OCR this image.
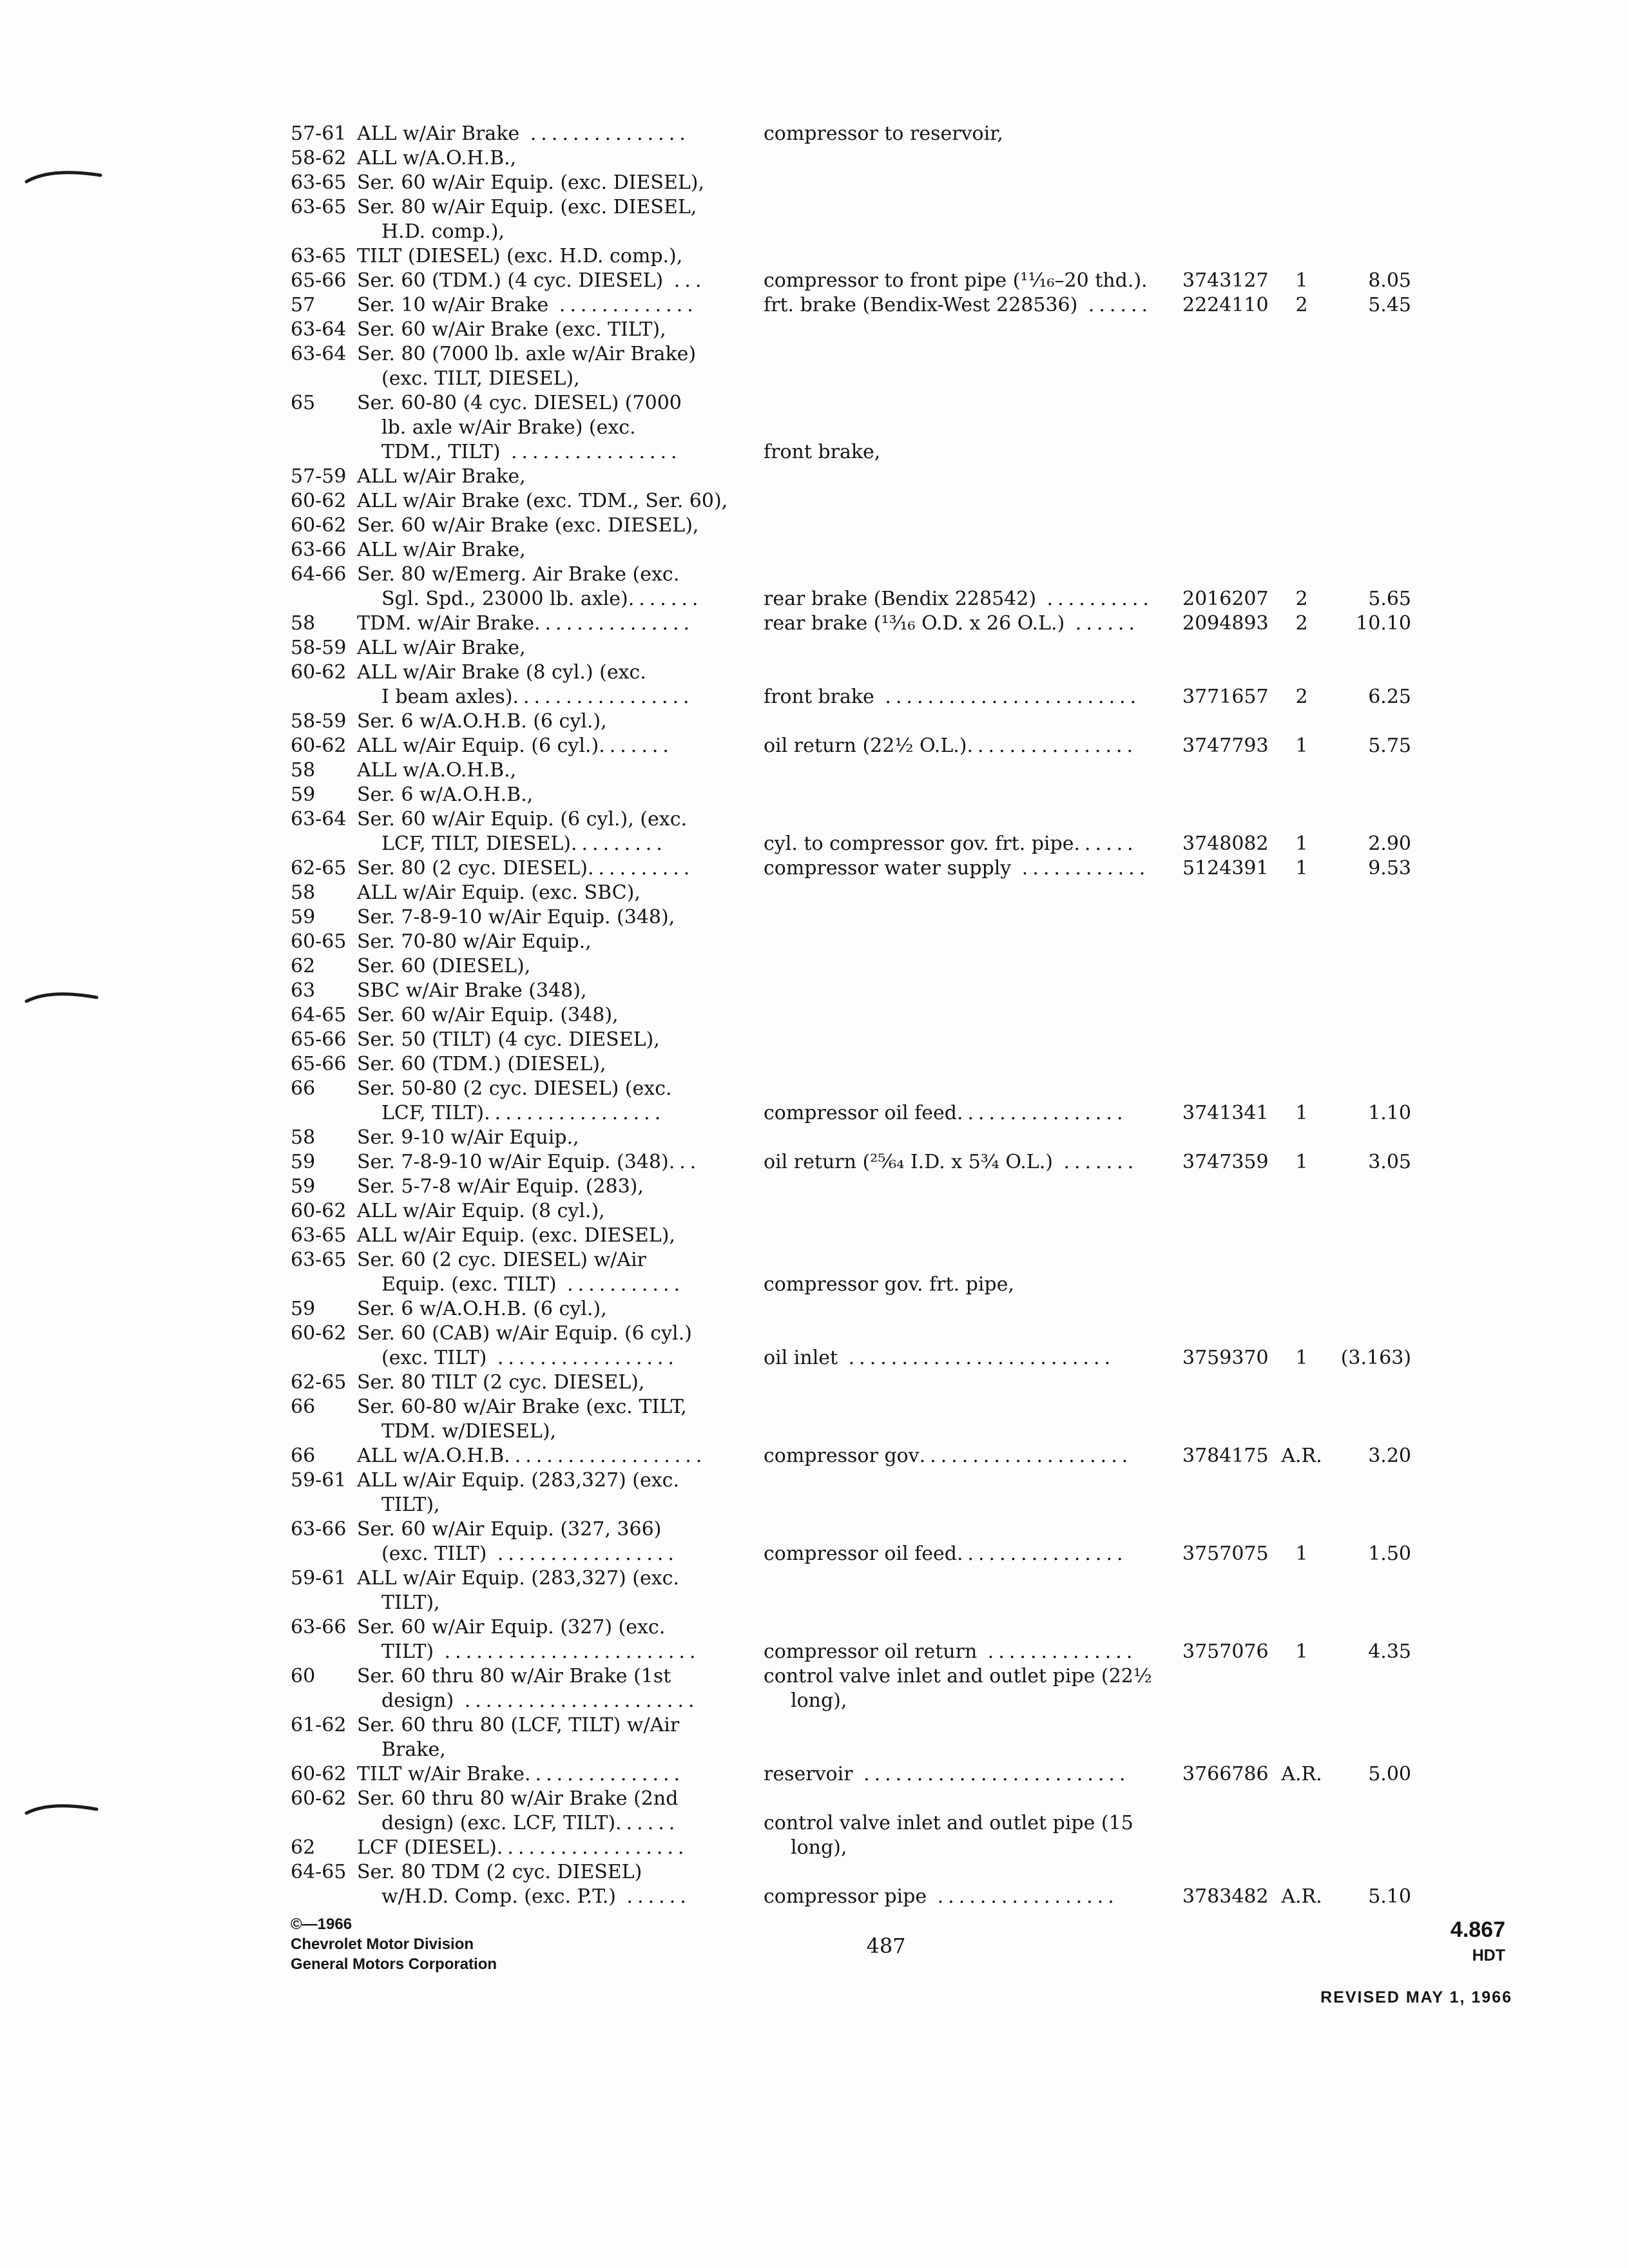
57-61 ALL w/Air Brake ...............	compressor to reservoir,
58-62 ALL w/A.O.H.B.,
63-65 Ser. 60 w/Air Equip. (exc. DIESEL),
63-65 Ser. 80 w/Air Equip. (exc. DIESEL,
H.D. comp.),
63-65 TILT (DIESEL) (exc. H.D. comp.),
65-66 Ser. 60 (TDM.) (4 cyc. DIESEL) ...	compressor to front pipe (¹¹⁄₁₆–20 thd.). 3743127	1	8.05
57 Ser. 10 w/Air Brake .............	frt. brake (Bendix-West 228536) ......	2224110	2	5.45
63-64 Ser. 60 w/Air Brake (exc. TILT),
63-64 Ser. 80 (7000 lb. axle w/Air Brake)
(exc. TILT, DIESEL),
65 Ser. 60-80 (4 cyc. DIESEL) (7000
lb. axle w/Air Brake) (exc.
TDM., TILT) ................	front brake,
57-59 ALL w/Air Brake,
60-62 ALL w/Air Brake (exc. TDM., Ser. 60),
60-62 Ser. 60 w/Air Brake (exc. DIESEL),
63-66 ALL w/Air Brake,
64-66 Ser. 80 w/Emerg. Air Brake (exc.
Sgl. Spd., 23000 lb. axle).......	rear brake (Bendix 228542) ..........	2016207	2	5.65
58 TDM. w/Air Brake...............	rear brake (¹³⁄₁₆ O.D. x 26 O.L.) ......	2094893	2	10.10
58-59 ALL w/Air Brake,
60-62 ALL w/Air Brake (8 cyl.) (exc.
I beam axles).................	front brake ........................	3771657	2	6.25
58-59 Ser. 6 w/A.O.H.B. (6 cyl.),
60-62 ALL w/Air Equip. (6 cyl.).......	oil return (22½ O.L.)................	3747793	1	5.75
58 ALL w/A.O.H.B.,
59 Ser. 6 w/A.O.H.B.,
63-64 Ser. 60 w/Air Equip. (6 cyl.), (exc.
LCF, TILT, DIESEL).........	cyl. to compressor gov. frt. pipe......	3748082	1	2.90
62-65 Ser. 80 (2 cyc. DIESEL)..........	compressor water supply ............	5124391	1	9.53
58 ALL w/Air Equip. (exc. SBC),
59 Ser. 7-8-9-10 w/Air Equip. (348),
60-65 Ser. 70-80 w/Air Equip.,
62 Ser. 60 (DIESEL),
63 SBC w/Air Brake (348),
64-65 Ser. 60 w/Air Equip. (348),
65-66 Ser. 50 (TILT) (4 cyc. DIESEL),
65-66 Ser. 60 (TDM.) (DIESEL),
66 Ser. 50-80 (2 cyc. DIESEL) (exc.
LCF, TILT).................	compressor oil feed................	3741341	1	1.10
58 Ser. 9-10 w/Air Equip.,
59 Ser. 7-8-9-10 w/Air Equip. (348)...	oil return (²⁵⁄₆₄ I.D. x 5¾ O.L.) .......	3747359	1	3.05
59 Ser. 5-7-8 w/Air Equip. (283),
60-62 ALL w/Air Equip. (8 cyl.),
63-65 ALL w/Air Equip. (exc. DIESEL),
63-65 Ser. 60 (2 cyc. DIESEL) w/Air
Equip. (exc. TILT) ...........	compressor gov. frt. pipe,
59 Ser. 6 w/A.O.H.B. (6 cyl.),
60-62 Ser. 60 (CAB) w/Air Equip. (6 cyl.)
(exc. TILT) .................	oil inlet .........................	3759370	1	(3.163)
62-65 Ser. 80 TILT (2 cyc. DIESEL),
66 Ser. 60-80 w/Air Brake (exc. TILT,
TDM. w/DIESEL),
66 ALL w/A.O.H.B...................	compressor gov....................	3784175 A.R.	3.20
59-61 ALL w/Air Equip. (283,327) (exc.
TILT),
63-66 Ser. 60 w/Air Equip. (327, 366)
(exc. TILT) .................	compressor oil feed................	3757075	1	1.50
59-61 ALL w/Air Equip. (283,327) (exc.
TILT),
63-66 Ser. 60 w/Air Equip. (327) (exc.
TILT) ........................	compressor oil return ..............	3757076	1	4.35
60 Ser. 60 thru 80 w/Air Brake (1st	control valve inlet and outlet pipe (22½
design) ......................	long),
61-62 Ser. 60 thru 80 (LCF, TILT) w/Air
Brake,
60-62 TILT w/Air Brake...............	reservoir .........................	3766786 A.R.	5.00
60-62 Ser. 60 thru 80 w/Air Brake (2nd
design) (exc. LCF, TILT)......	control valve inlet and outlet pipe (15
62 LCF (DIESEL)..................	long),
64-65 Ser. 80 TDM (2 cyc. DIESEL)
w/H.D. Comp. (exc. P.T.) ......	compressor pipe .................	3783482 A.R.	5.10
©—1966
Chevrolet Motor Division
General Motors Corporation
487
4.867
HDT
REVISED MAY 1, 1966
